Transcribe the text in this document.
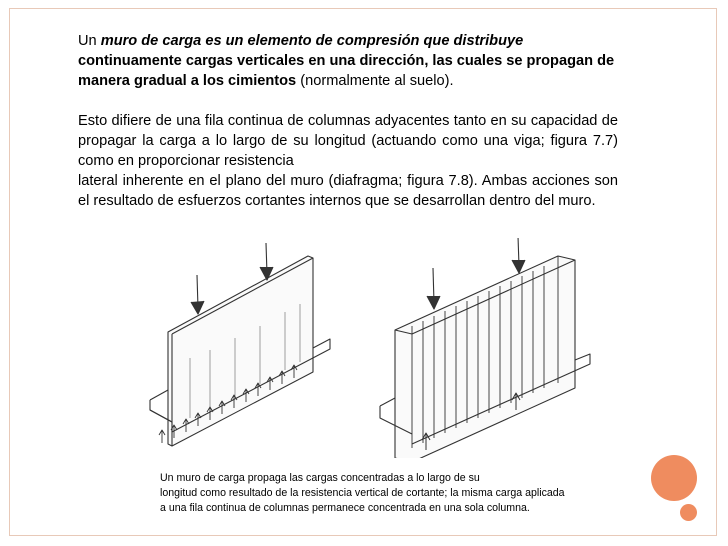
Un muro de carga es un elemento de compresión que distribuye continuamente cargas verticales en una dirección, las cuales se propagan de manera gradual a los cimientos (normalmente al suelo).

Esto difiere de una fila continua de columnas adyacentes tanto en su capacidad de propagar la carga a lo largo de su longitud (actuando como una viga; figura 7.7) como en proporcionar resistencia
lateral inherente en el plano del muro (diafragma; figura 7.8). Ambas acciones son el resultado de esfuerzos cortantes internos que se desarrollan dentro del muro.

Un muro de carga propaga las cargas concentradas a lo largo de su
longitud como resultado de la resistencia vertical de cortante; la misma carga aplicada
a una fila continua de columnas permanece concentrada en una sola columna.
